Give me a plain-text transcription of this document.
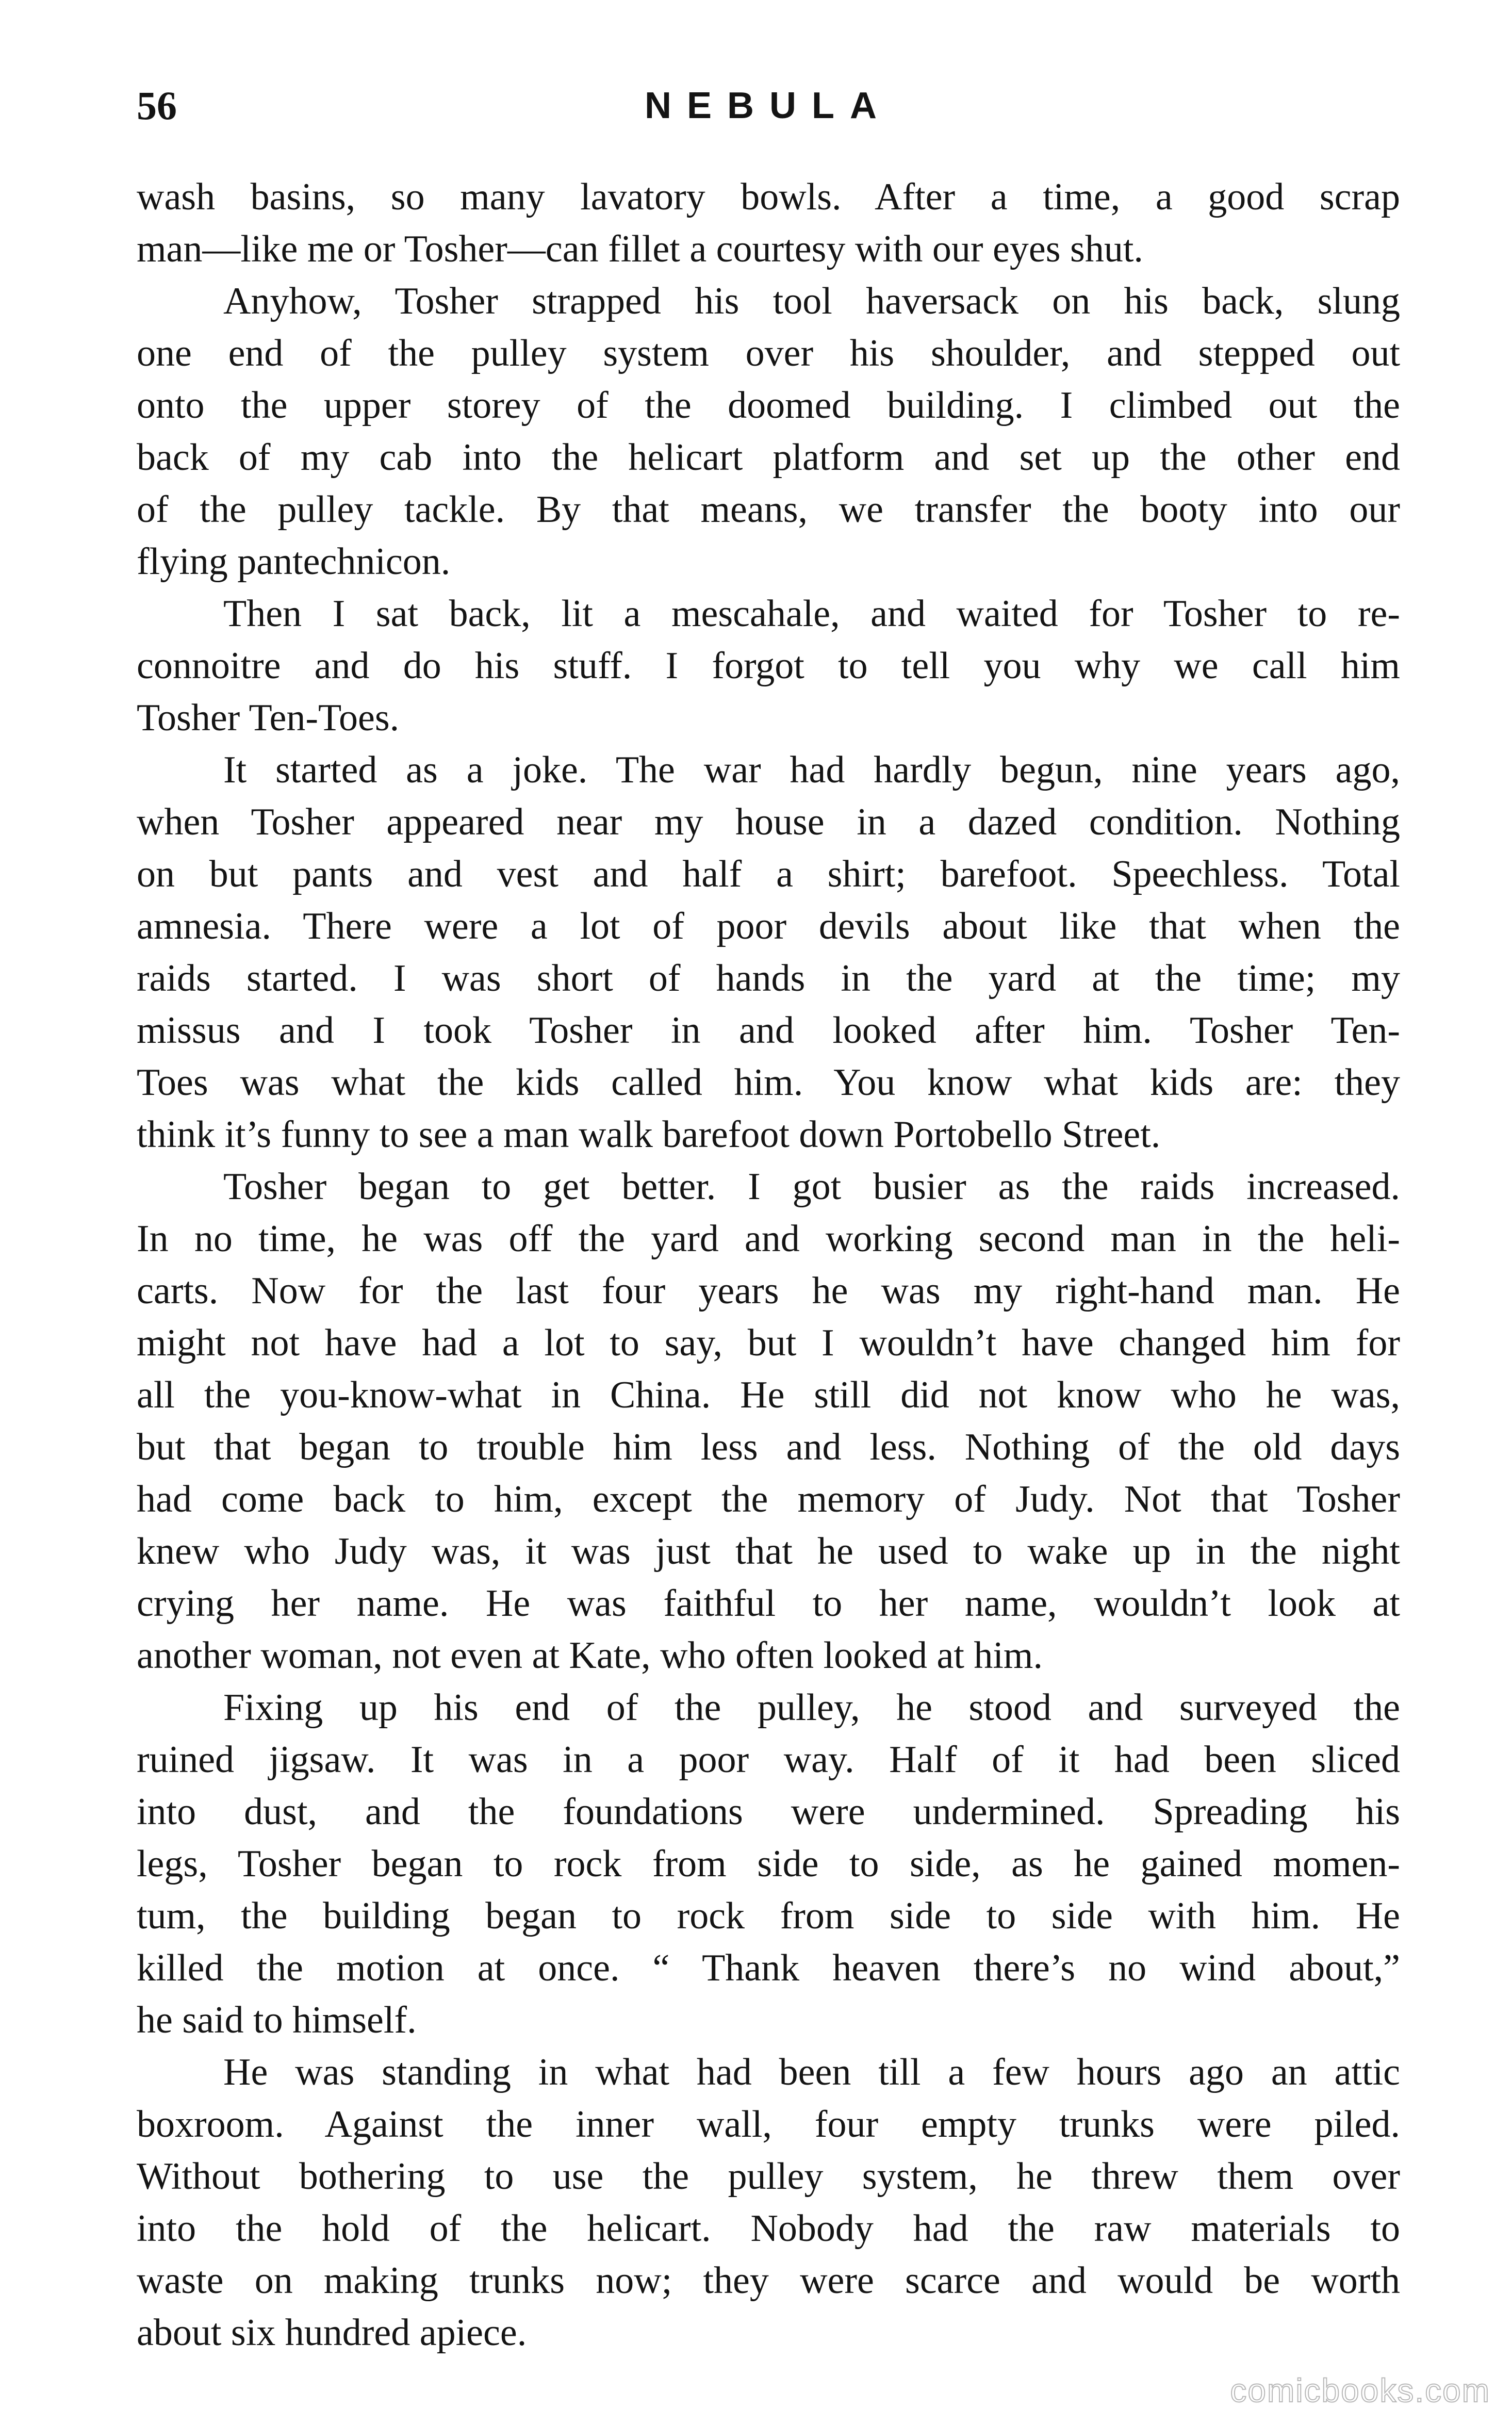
56	NEBULA
wash basins, so many lavatory bowls. After a time, a good scrap
man—like me or Tosher—can fillet a courtesy with our eyes shut.
Anyhow, Tosher strapped his tool haversack on his back, slung
one end of the pulley system over his shoulder, and stepped out
onto the upper storey of the doomed building. I climbed out the
back of my cab into the helicart platform and set up the other end
of the pulley tackle. By that means, we transfer the booty into our
flying pantechnicon.
Then I sat back, lit a mescahale, and waited for Tosher to re-
connoitre and do his stuff. I forgot to tell you why we call him
Tosher Ten-Toes.
It started as a joke. The war had hardly begun, nine years ago,
when Tosher appeared near my house in a dazed condition. Nothing
on but pants and vest and half a shirt; barefoot. Speechless. Total
amnesia. There were a lot of poor devils about like that when the
raids started. I was short of hands in the yard at the time; my
missus and I took Tosher in and looked after him. Tosher Ten-
Toes was what the kids called him. You know what kids are: they
think it’s funny to see a man walk barefoot down Portobello Street.
Tosher began to get better. I got busier as the raids increased.
In no time, he was off the yard and working second man in the heli-
carts. Now for the last four years he was my right-hand man. He
might not have had a lot to say, but I wouldn’t have changed him for
all the you-know-what in China. He still did not know who he was,
but that began to trouble him less and less. Nothing of the old days
had come back to him, except the memory of Judy. Not that Tosher
knew who Judy was, it was just that he used to wake up in the night
crying her name. He was faithful to her name, wouldn’t look at
another woman, not even at Kate, who often looked at him.
Fixing up his end of the pulley, he stood and surveyed the
ruined jigsaw. It was in a poor way. Half of it had been sliced
into dust, and the foundations were undermined. Spreading his
legs, Tosher began to rock from side to side, as he gained momen-
tum, the building began to rock from side to side with him. He
killed the motion at once. “ Thank heaven there’s no wind about,”
he said to himself.
He was standing in what had been till a few hours ago an attic
boxroom. Against the inner wall, four empty trunks were piled.
Without bothering to use the pulley system, he threw them over
into the hold of the helicart. Nobody had the raw materials to
waste on making trunks now; they were scarce and would be worth
about six hundred apiece.
comicbooks.com
